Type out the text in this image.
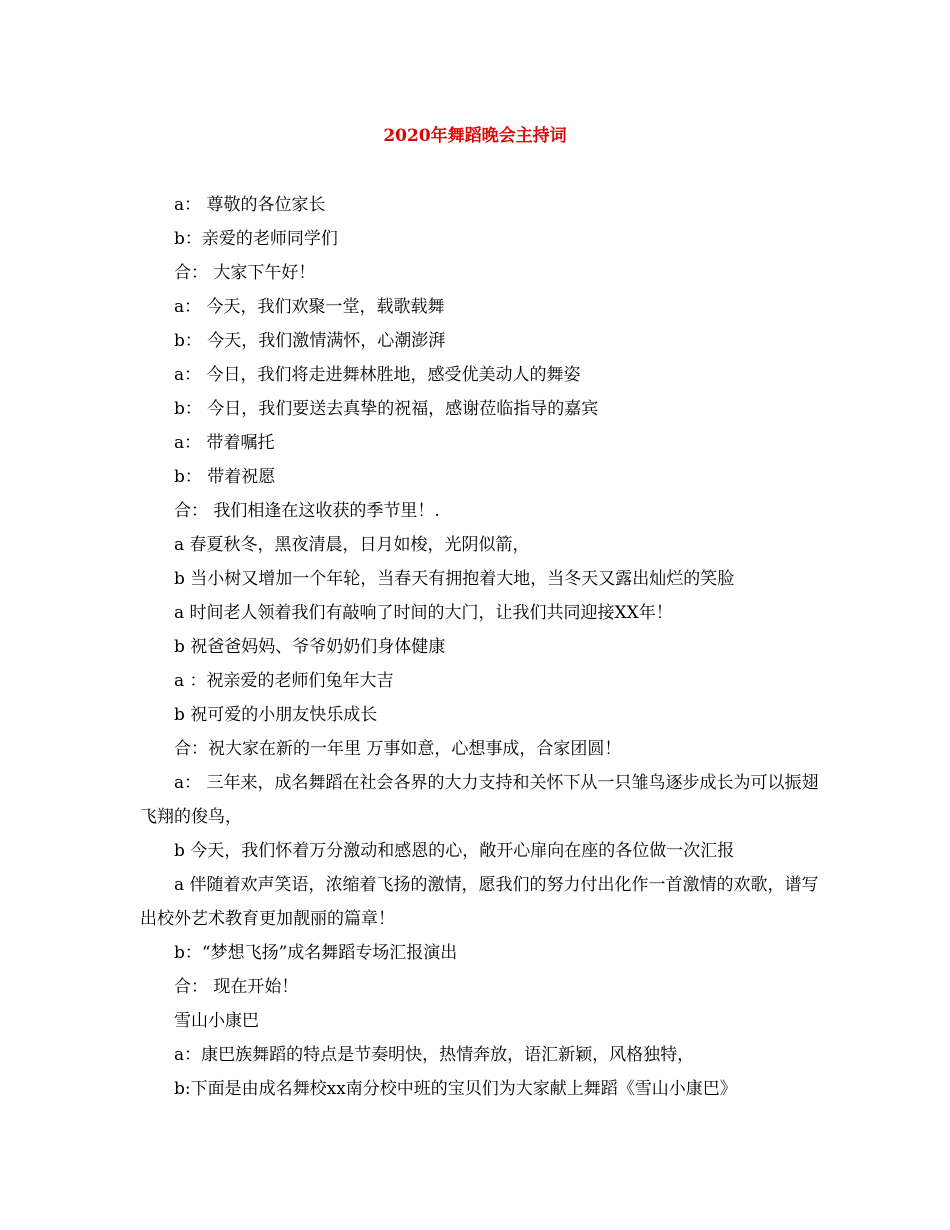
2020年舞蹈晚会主持词

a： 尊敬的各位家长

b：亲爱的老师同学们

合： 大家下午好！

a： 今天，我们欢聚一堂，载歌载舞

b： 今天，我们激情满怀，心潮澎湃

a： 今日，我们将走进舞林胜地，感受优美动人的舞姿

b： 今日，我们要送去真挚的祝福，感谢莅临指导的嘉宾

a： 带着嘱托

b： 带着祝愿

合： 我们相逢在这收获的季节里！.

a 春夏秋冬，黑夜清晨，日月如梭，光阴似箭，

b 当小树又增加一个年轮，当春天有拥抱着大地，当冬天又露出灿烂的笑脸

a 时间老人领着我们有敲响了时间的大门，让我们共同迎接XX年！

b 祝爸爸妈妈、爷爷奶奶们身体健康

a ：祝亲爱的老师们兔年大吉

b 祝可爱的小朋友快乐成长

合：祝大家在新的一年里 万事如意，心想事成，合家团圆！

a： 三年来，成名舞蹈在社会各界的大力支持和关怀下从一只雏鸟逐步成长为可以振翅飞翔的俊鸟，

b 今天，我们怀着万分激动和感恩的心，敞开心扉向在座的各位做一次汇报

a 伴随着欢声笑语，浓缩着飞扬的激情，愿我们的努力付出化作一首激情的欢歌，谱写出校外艺术教育更加靓丽的篇章！

b：“梦想飞扬”成名舞蹈专场汇报演出

合： 现在开始！

雪山小康巴

a：康巴族舞蹈的特点是节奏明快，热情奔放，语汇新颖，风格独特，

b:下面是由成名舞校xx南分校中班的宝贝们为大家献上舞蹈《雪山小康巴》
